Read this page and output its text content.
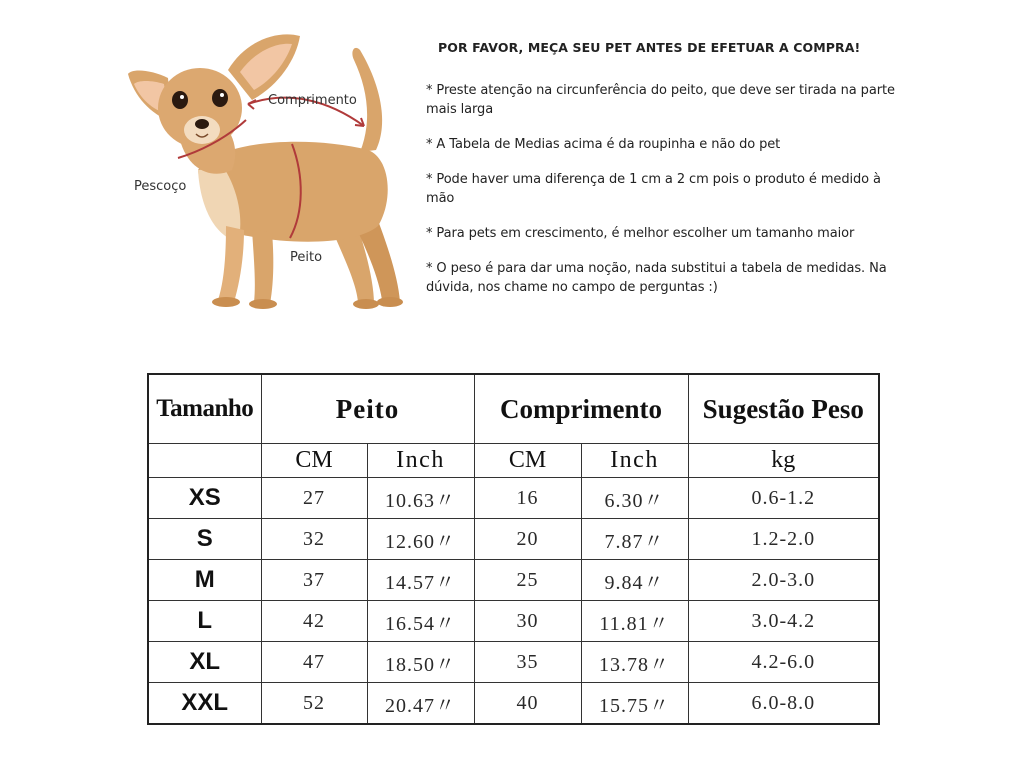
Comprimento
Pescoço
Peito
POR FAVOR, MEÇA SEU PET ANTES DE EFETUAR A COMPRA!
* Preste atenção na circunferência do peito, que deve ser tirada na parte mais larga
* A Tabela de Medias acima é da roupinha e não do pet
* Pode haver uma diferença de 1 cm a 2 cm pois o produto é medido à mão
* Para pets em crescimento, é melhor escolher um tamanho maior
* O peso é para dar uma noção, nada substitui a tabela de medidas. Na dúvida, nos chame no campo de perguntas :)
Tamanho	Peito		Comprimento		Sugestão Peso
	CM	Inch	CM	Inch	kg
XS	27	10.63〃	16	6.30〃	0.6-1.2
S	32	12.60〃	20	7.87〃	1.2-2.0
M	37	14.57〃	25	9.84〃	2.0-3.0
L	42	16.54〃	30	11.81〃	3.0-4.2
XL	47	18.50〃	35	13.78〃	4.2-6.0
XXL	52	20.47〃	40	15.75〃	6.0-8.0
